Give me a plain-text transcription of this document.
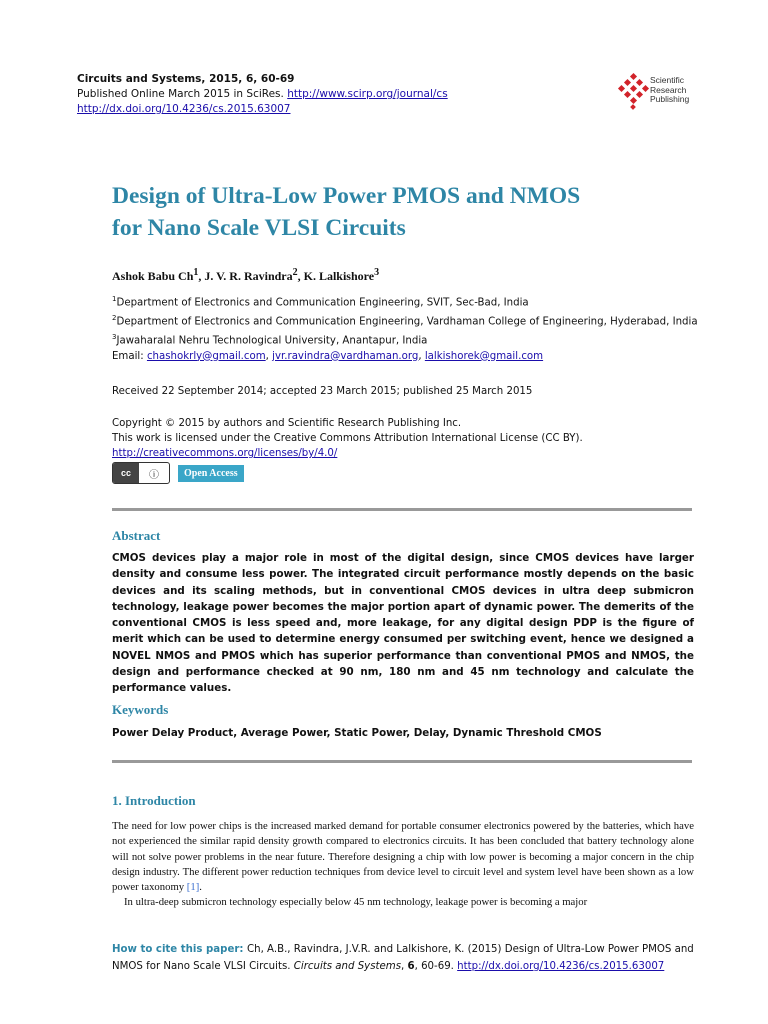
Circuits and Systems, 2015, 6, 60-69
Published Online March 2015 in SciRes. http://www.scirp.org/journal/cs
http://dx.doi.org/10.4236/cs.2015.63007
Scientific
Research
Publishing
Design of Ultra-Low Power PMOS and NMOS
for Nano Scale VLSI Circuits
Ashok Babu Ch$^1$, J. V. R. Ravindra$^2$, K. Lalkishore$^3$
$^1$Department of Electronics and Communication Engineering, SVIT, Sec-Bad, India
$^2$Department of Electronics and Communication Engineering, Vardhaman College of Engineering, Hyderabad, India
$^3$Jawaharalal Nehru Technological University, Anantapur, India
Email: chashokrly@gmail.com, jvr.ravindra@vardhaman.org, lalkishorek@gmail.com
Received 22 September 2014; accepted 23 March 2015; published 25 March 2015
Copyright © 2015 by authors and Scientific Research Publishing Inc.
This work is licensed under the Creative Commons Attribution International License (CC BY).
http://creativecommons.org/licenses/by/4.0/
cc	ⓘ	Open Access
Abstract
CMOS devices play a major role in most of the digital design, since CMOS devices have larger density and consume less power. The integrated circuit performance mostly depends on the basic devices and its scaling methods, but in conventional CMOS devices in ultra deep submicron technology, leakage power becomes the major portion apart of dynamic power. The demerits of the conventional CMOS is less speed and, more leakage, for any digital design PDP is the figure of merit which can be used to determine energy consumed per switching event, hence we designed a NOVEL NMOS and PMOS which has superior performance than conventional PMOS and NMOS, the design and performance checked at 90 nm, 180 nm and 45 nm technology and calculate the performance values.
Keywords
Power Delay Product, Average Power, Static Power, Delay, Dynamic Threshold CMOS
1. Introduction

The need for low power chips is the increased marked demand for portable consumer electronics powered by the batteries, which have not experienced the similar rapid density growth compared to electronics circuits. It has been concluded that battery technology alone will not solve power problems in the near future. Therefore designing a chip with low power is becoming a major concern in the chip design industry. The different power reduction techniques from device level to circuit level and system level have been shown as a low power taxonomy [1].

In ultra-deep submicron technology especially below 45 nm technology, leakage power is becoming a major

How to cite this paper: Ch, A.B., Ravindra, J.V.R. and Lalkishore, K. (2015) Design of Ultra-Low Power PMOS and NMOS for Nano Scale VLSI Circuits. Circuits and Systems, 6, 60-69. http://dx.doi.org/10.4236/cs.2015.63007
